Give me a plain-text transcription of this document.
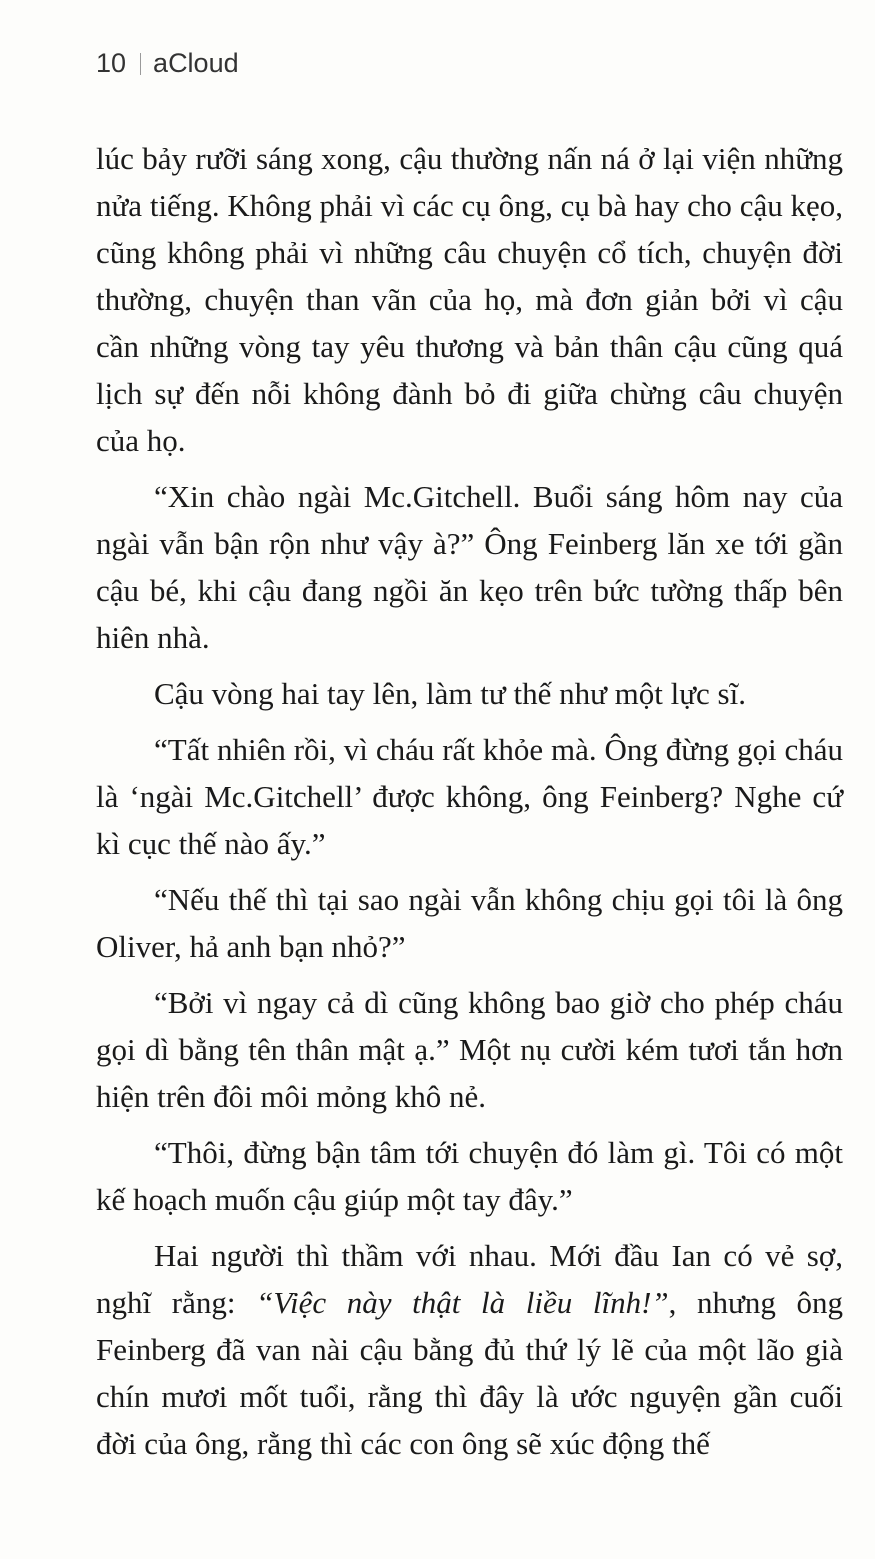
10 aCloud

lúc bảy rưỡi sáng xong, cậu thường nấn ná ở lại viện những nửa tiếng. Không phải vì các cụ ông, cụ bà hay cho cậu kẹo, cũng không phải vì những câu chuyện cổ tích, chuyện đời thường, chuyện than vãn của họ, mà đơn giản bởi vì cậu cần những vòng tay yêu thương và bản thân cậu cũng quá lịch sự đến nỗi không đành bỏ đi giữa chừng câu chuyện của họ.

“Xin chào ngài Mc.Gitchell. Buổi sáng hôm nay của ngài vẫn bận rộn như vậy à?” Ông Feinberg lăn xe tới gần cậu bé, khi cậu đang ngồi ăn kẹo trên bức tường thấp bên hiên nhà.

Cậu vòng hai tay lên, làm tư thế như một lực sĩ.

“Tất nhiên rồi, vì cháu rất khỏe mà. Ông đừng gọi cháu là ‘ngài Mc.Gitchell’ được không, ông Feinberg? Nghe cứ kì cục thế nào ấy.”

“Nếu thế thì tại sao ngài vẫn không chịu gọi tôi là ông Oliver, hả anh bạn nhỏ?”

“Bởi vì ngay cả dì cũng không bao giờ cho phép cháu gọi dì bằng tên thân mật ạ.” Một nụ cười kém tươi tắn hơn hiện trên đôi môi mỏng khô nẻ.

“Thôi, đừng bận tâm tới chuyện đó làm gì. Tôi có một kế hoạch muốn cậu giúp một tay đây.”

Hai người thì thầm với nhau. Mới đầu Ian có vẻ sợ, nghĩ rằng: “Việc này thật là liều lĩnh!”, nhưng ông Feinberg đã van nài cậu bằng đủ thứ lý lẽ của một lão già chín mươi mốt tuổi, rằng thì đây là ước nguyện gần cuối đời của ông, rằng thì các con ông sẽ xúc động thế
